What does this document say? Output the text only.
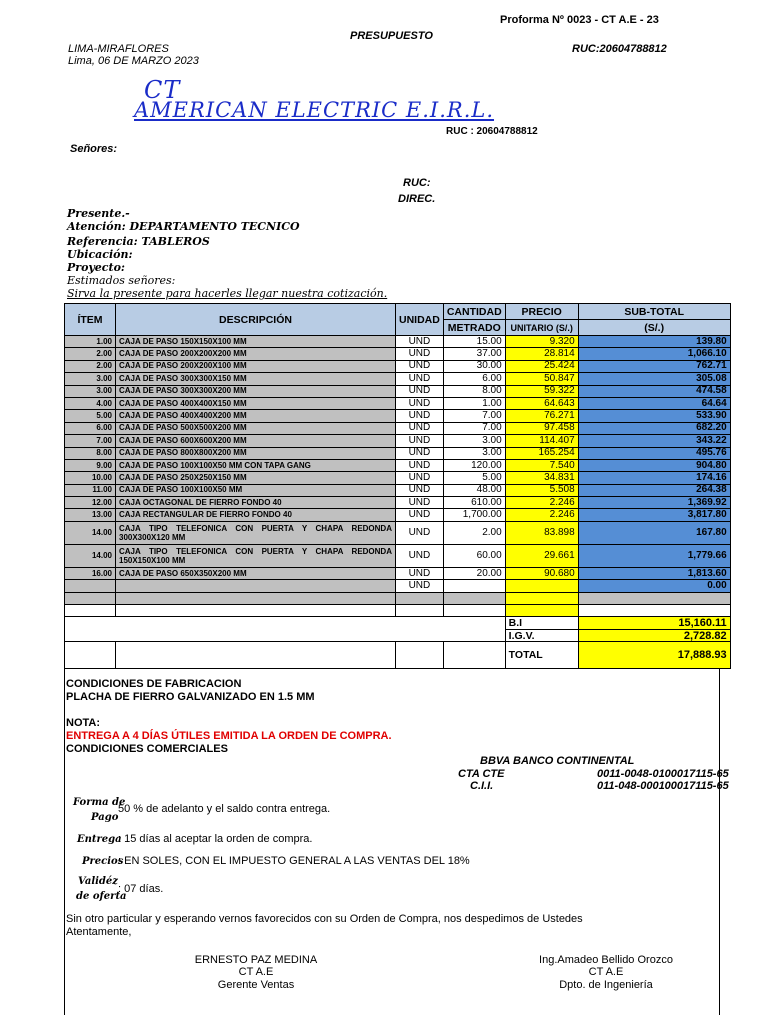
Proforma Nº 0023 - CT A.E - 23
PRESUPUESTO
LIMA-MIRAFLORES	RUC:20604788812
Lima, 06 DE MARZO 2023
CT
AMERICAN ELECTRIC E.I.R.L.
RUC : 20604788812
Señores:
RUC:
DIREC.
Presente.-
Atención: DEPARTAMENTO TECNICO
Referencia: TABLEROS
Ubicación:
Proyecto:
Estimados señores:
Sirva la presente para hacerles llegar nuestra cotización.
ÍTEM	DESCRIPCIÓN	UNIDAD	CANTIDAD	PRECIO	SUB-TOTAL
			METRADO	UNITARIO (S/.)	(S/.)
1.00	CAJA DE PASO 150X150X100 MM	UND	15.00	9.320	139.80
2.00	CAJA DE PASO 200X200X200 MM	UND	37.00	28.814	1,066.10
2.00	CAJA DE PASO 200X200X100 MM	UND	30.00	25.424	762.71
3.00	CAJA DE PASO 300X300X150 MM	UND	6.00	50.847	305.08
3.00	CAJA DE PASO 300X300X200 MM	UND	8.00	59.322	474.58
4.00	CAJA DE PASO 400X400X150 MM	UND	1.00	64.643	64.64
5.00	CAJA DE PASO 400X400X200 MM	UND	7.00	76.271	533.90
6.00	CAJA DE PASO 500X500X200 MM	UND	7.00	97.458	682.20
7.00	CAJA DE PASO 600X600X200 MM	UND	3.00	114.407	343.22
8.00	CAJA DE PASO 800X800X200 MM	UND	3.00	165.254	495.76
9.00	CAJA DE PASO 100X100X50 MM CON TAPA GANG	UND	120.00	7.540	904.80
10.00	CAJA DE PASO 250X250X150 MM	UND	5.00	34.831	174.16
11.00	CAJA DE PASO 100X100X50 MM	UND	48.00	5.508	264.38
12.00	CAJA OCTAGONAL DE FIERRO FONDO 40	UND	610.00	2.246	1,369.92
13.00	CAJA RECTANGULAR DE FIERRO FONDO 40	UND	1,700.00	2.246	3,817.80
14.00	CAJA TIPO TELEFONICA CON PUERTA Y CHAPA REDONDA 300X300X120 MM	UND	2.00	83.898	167.80
14.00	CAJA TIPO TELEFONICA CON PUERTA Y CHAPA REDONDA 150X150X100 MM	UND	60.00	29.661	1,779.66
16.00	CAJA DE PASO 650X350X200 MM	UND	20.00	90.680	1,813.60
		UND			0.00

				B.I	15,160.11
				I.G.V.	2,728.82
				TOTAL	17,888.93
CONDICIONES DE FABRICACION
PLACHA DE FIERRO GALVANIZADO EN 1.5 MM
NOTA:
ENTREGA A 4 DÍAS ÚTILES EMITIDA LA ORDEN DE COMPRA.
CONDICIONES COMERCIALES
BBVA BANCO CONTINENTAL
CTA CTE	0011-0048-0100017115-65
C.I.I.	011-048-000100017115-65
Forma de
Pago
50 % de adelanto y el saldo contra entrega.
Entrega
: 15 días al aceptar la orden de compra.
Precios
: EN SOLES, CON EL IMPUESTO GENERAL A LAS VENTAS DEL 18%
Validéz
de oferta
: 07 días.
Sin otro particular y esperando vernos favorecidos con su Orden de Compra, nos despedimos de Ustedes
Atentamente,
ERNESTO PAZ MEDINA
CT A.E
Gerente Ventas
Ing.Amadeo Bellido Orozco
CT A.E
Dpto. de Ingeniería
